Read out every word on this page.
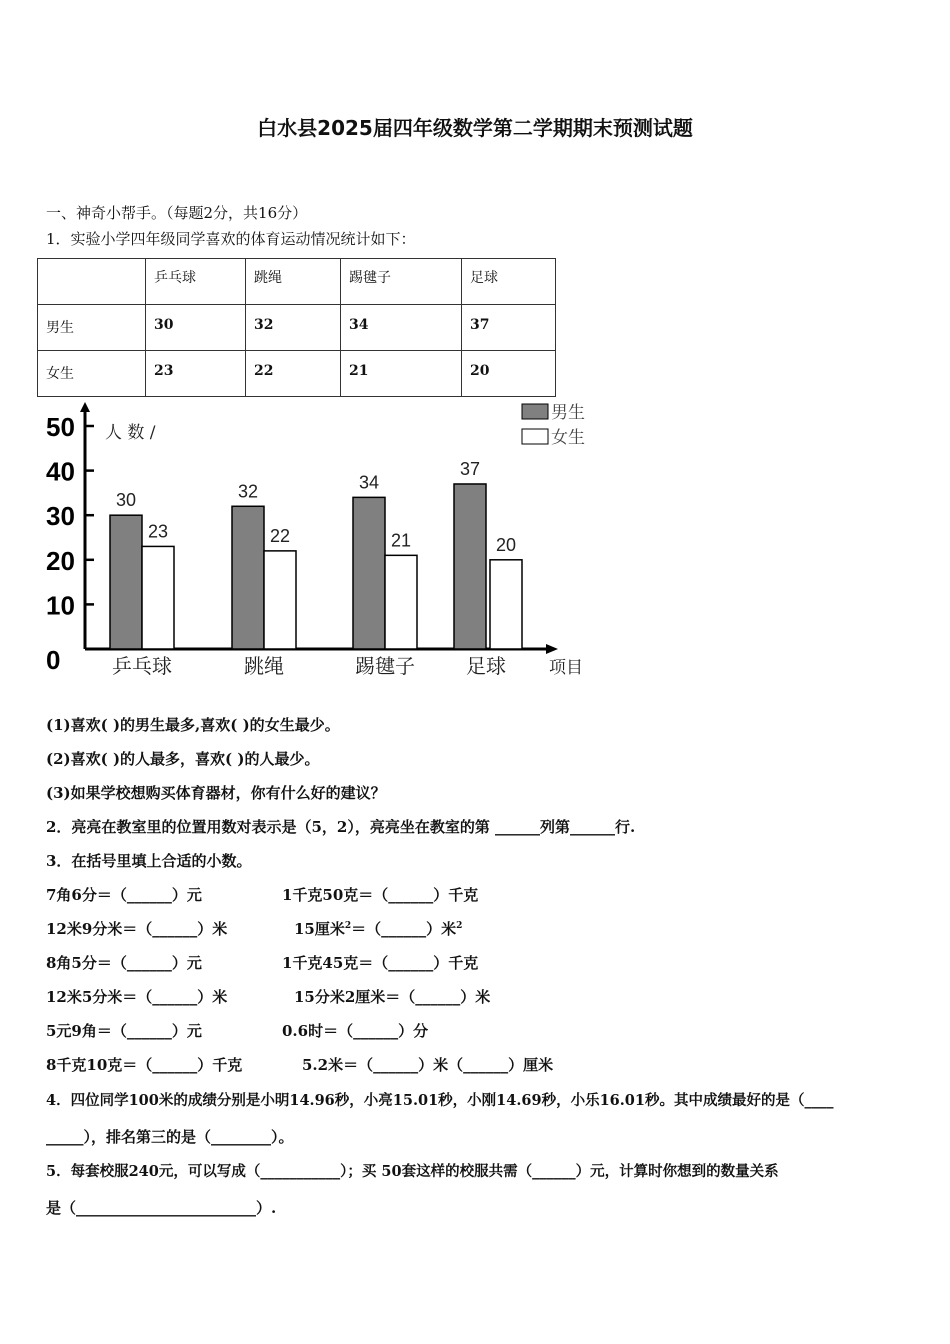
白水县2025届四年级数学第二学期期末预测试题
一、神奇小帮手。（每题2分，共16分）
1．实验小学四年级同学喜欢的体育运动情况统计如下：
	乒乓球	跳绳	踢毽子	足球
男生	30	32	34	37
女生	23	22	21	20
0
10
20
30
40
50 人 数 /
项目
30
23
乒乓球
32
22
跳绳
34
21
踢毽子
37
20
足球
男生
女生
(1)喜欢( )的男生最多,喜欢( )的女生最少。
(2)喜欢( )的人最多，喜欢( )的人最少。
(3)如果学校想购买体育器材，你有什么好的建议？
2．亮亮在教室里的位置用数对表示是（5，2），亮亮坐在教室的第 ______列第______行.
3．在括号里填上合适的小数。
7角6分＝（______）元	1千克50克＝（______）千克
12米9分米＝（______）米	15厘米$^2$＝（______）米$^2$
8角5分＝（______）元	1千克45克＝（______）千克
12米5分米＝（______）米	15分米2厘米＝（______）米
5元9角＝（______）元	0.6时＝（______）分
8千克10克＝（______）千克	5.2米＝（______）米（______）厘米
4．四位同学100米的成绩分别是小明14.96秒，小亮15.01秒，小刚14.69秒，小乐16.01秒。其中成绩最好的是（____
_____），排名第三的是（________）。
5．每套校服240元，可以写成（___________）；买 50套这样的校服共需（______）元，计算时你想到的数量关系
是（________________________）.
